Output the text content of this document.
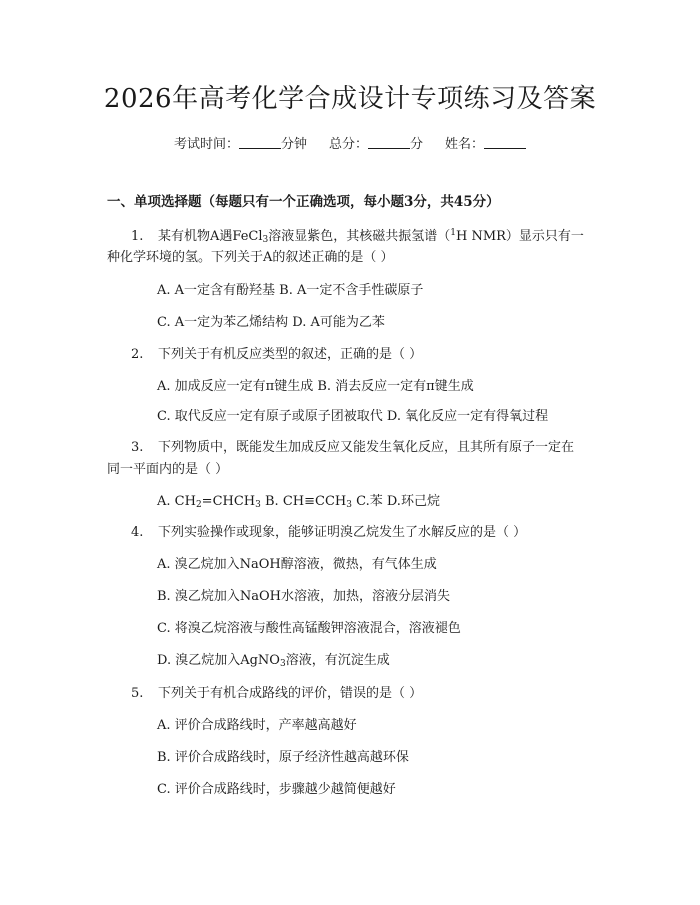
2026年高考化学合成设计专项练习及答案
考试时间：	分钟 总分：	分 姓名：
一、单项选择题（每题只有一个正确选项，每小题3分，共45分）
1. 某有机物A遇FeCl$_3$溶液显紫色，其核磁共振氢谱（$^1$H NMR）显示只有一
种化学环境的氢。下列关于A的叙述正确的是（ ）
A. A一定含有酚羟基 B. A一定不含手性碳原子
C. A一定为苯乙烯结构 D. A可能为乙苯
2. 下列关于有机反应类型的叙述，正确的是（ ）
A. 加成反应一定有π键生成 B. 消去反应一定有π键生成
C. 取代反应一定有原子或原子团被取代 D. 氧化反应一定有得氧过程
3. 下列物质中，既能发生加成反应又能发生氧化反应，且其所有原子一定在
同一平面内的是（ ）
A. $CH_2=CHCH_3$ B. $CH\equiv CCH_3$ C.苯 D.环己烷
4. 下列实验操作或现象，能够证明溴乙烷发生了水解反应的是（ ）
A. 溴乙烷加入NaOH醇溶液，微热，有气体生成
B. 溴乙烷加入NaOH水溶液，加热，溶液分层消失
C. 将溴乙烷溶液与酸性高锰酸钾溶液混合，溶液褪色
D. 溴乙烷加入AgNO$_3$溶液，有沉淀生成
5. 下列关于有机合成路线的评价，错误的是（ ）
A. 评价合成路线时，产率越高越好
B. 评价合成路线时，原子经济性越高越环保
C. 评价合成路线时，步骤越少越简便越好
